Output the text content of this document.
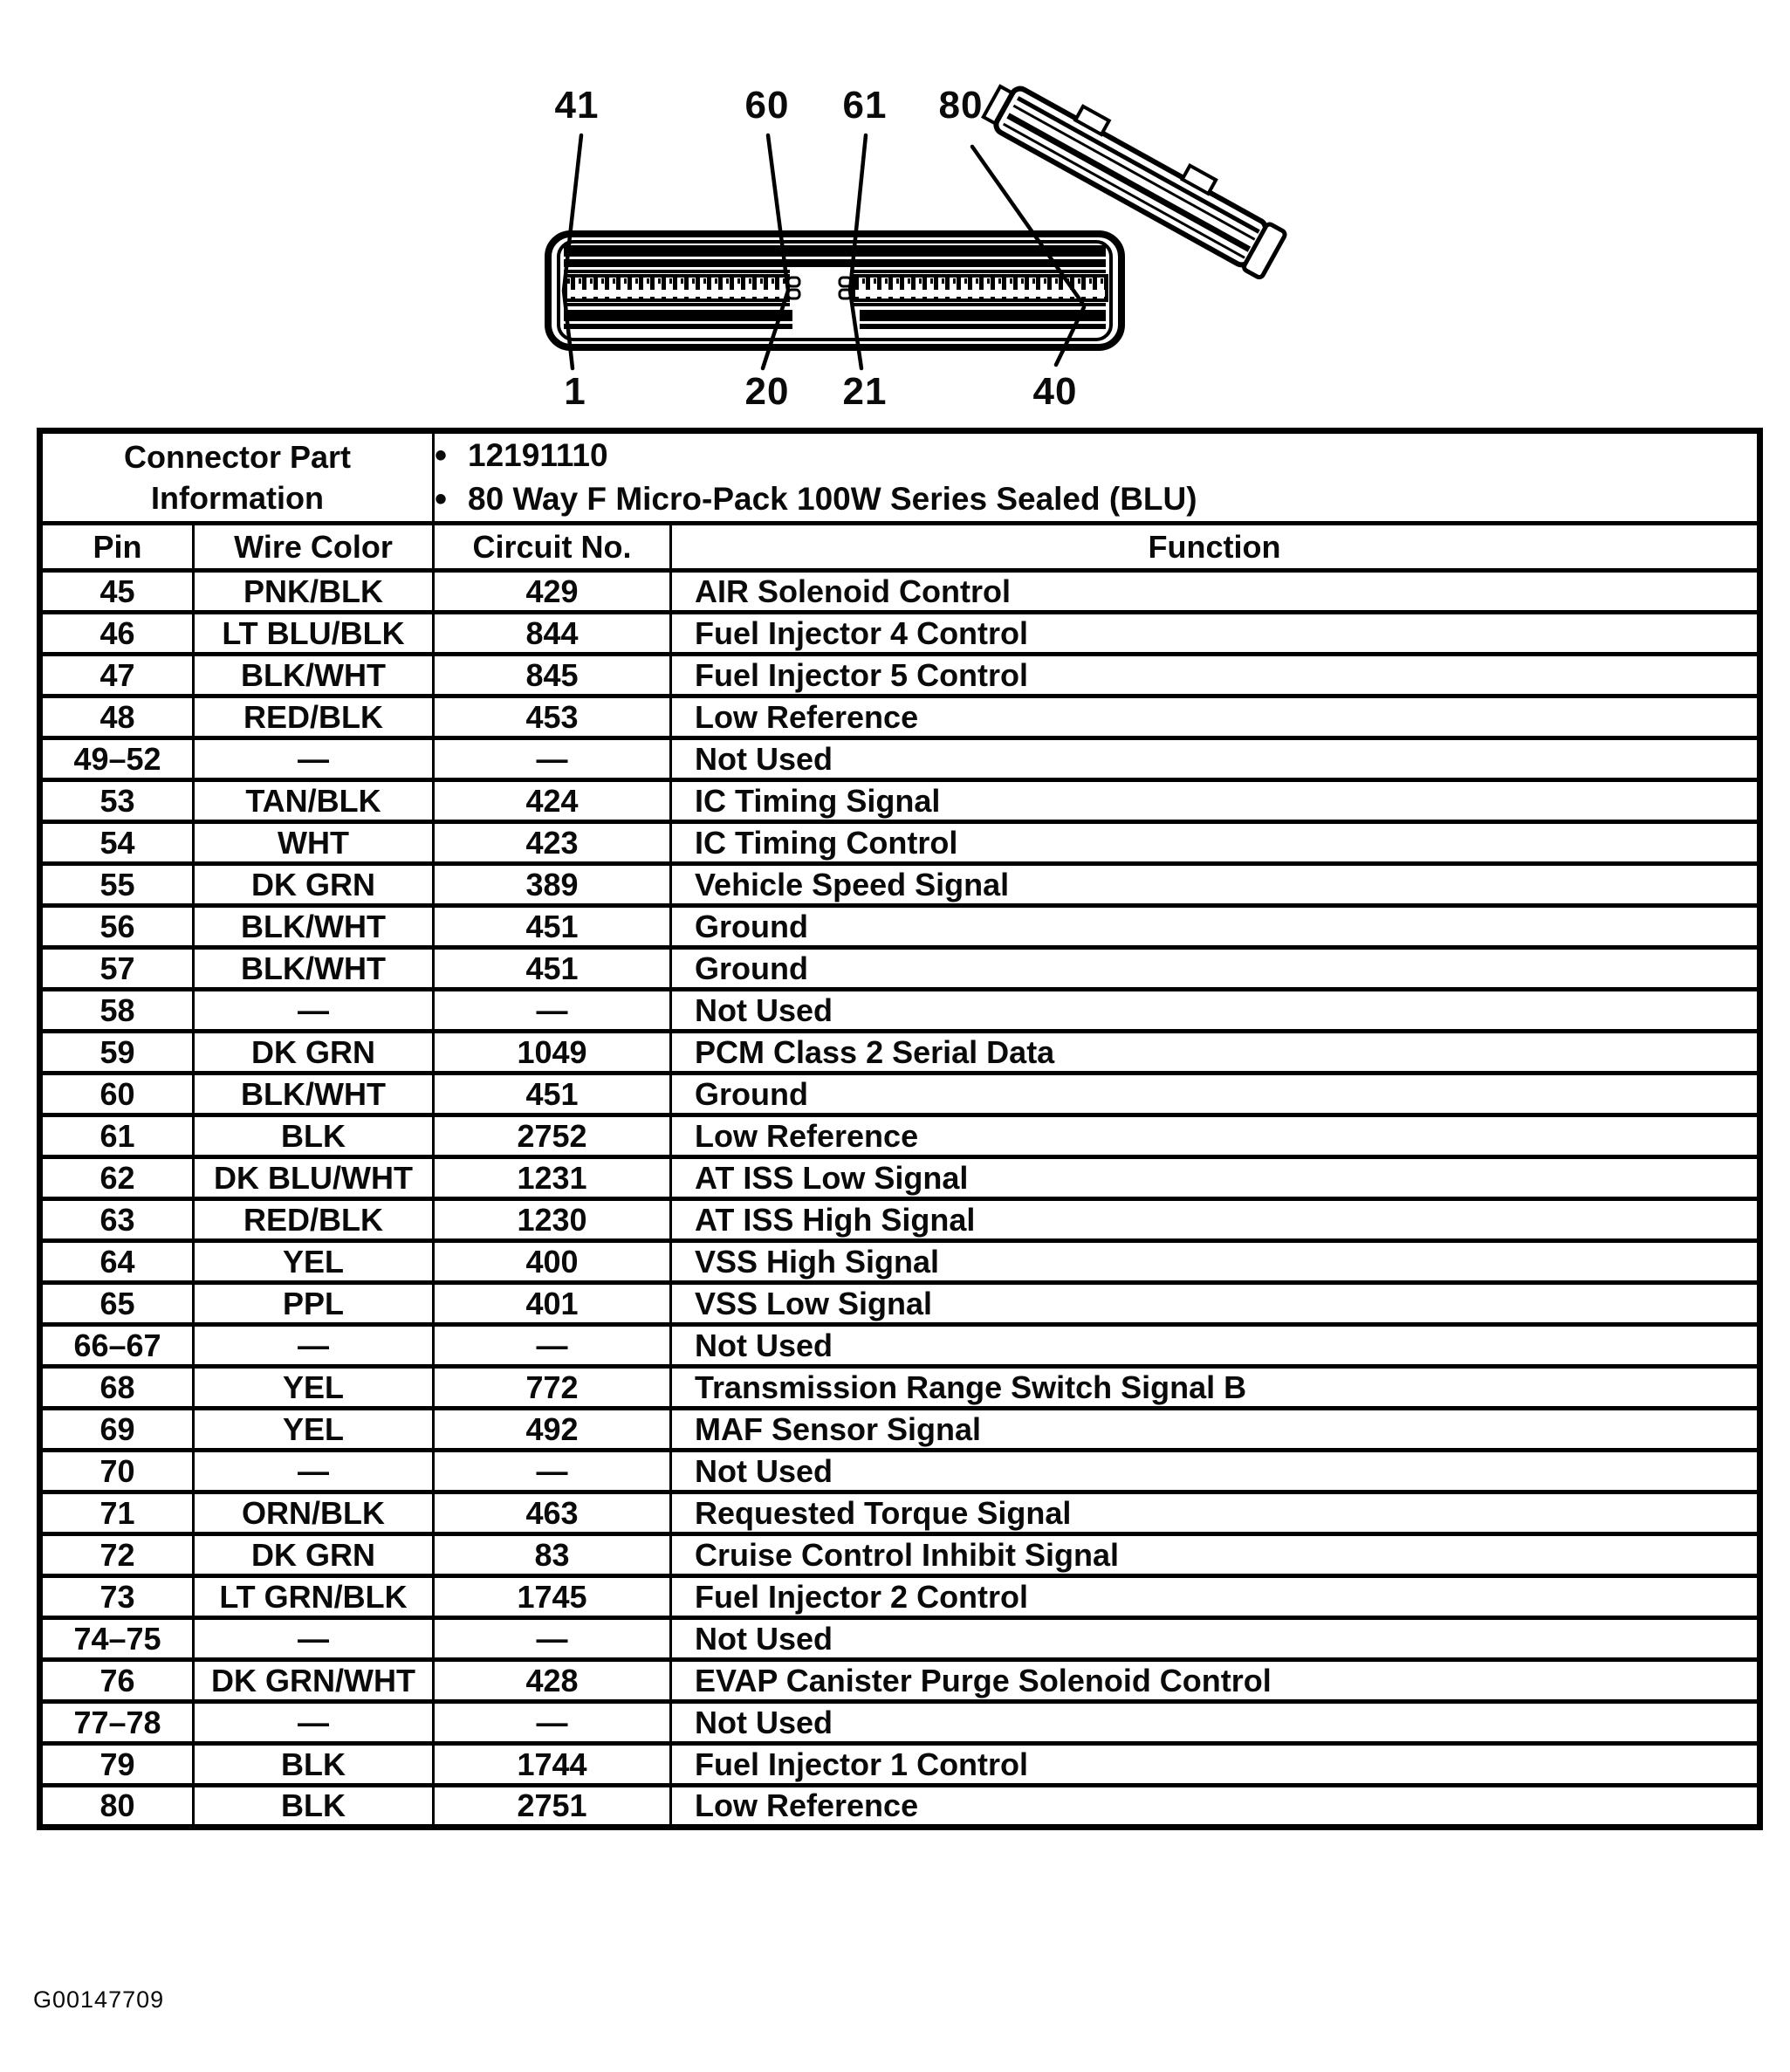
41	60 61 80
1	20 21	40
Connector Part
Information

• 12191110
• 80 Way F Micro-Pack 100W Series Sealed (BLU)

Pin	Wire Color	Circuit No.	Function
45	PNK/BLK	429	AIR Solenoid Control
46	LT BLU/BLK	844	Fuel Injector 4 Control
47	BLK/WHT	845	Fuel Injector 5 Control
48	RED/BLK	453	Low Reference
49–52	—	—	Not Used
53	TAN/BLK	424	IC Timing Signal
54	WHT	423	IC Timing Control
55	DK GRN	389	Vehicle Speed Signal
56	BLK/WHT	451	Ground
57	BLK/WHT	451	Ground
58	—	—	Not Used
59	DK GRN	1049	PCM Class 2 Serial Data
60	BLK/WHT	451	Ground
61	BLK	2752	Low Reference
62	DK BLU/WHT	1231	AT ISS Low Signal
63	RED/BLK	1230	AT ISS High Signal
64	YEL	400	VSS High Signal
65	PPL	401	VSS Low Signal
66–67	—	—	Not Used
68	YEL	772	Transmission Range Switch Signal B
69	YEL	492	MAF Sensor Signal
70	—	—	Not Used
71	ORN/BLK	463	Requested Torque Signal
72	DK GRN	83	Cruise Control Inhibit Signal
73	LT GRN/BLK	1745	Fuel Injector 2 Control
74–75	—	—	Not Used
76	DK GRN/WHT	428	EVAP Canister Purge Solenoid Control
77–78	—	—	Not Used
79	BLK	1744	Fuel Injector 1 Control
80	BLK	2751	Low Reference
G00147709
